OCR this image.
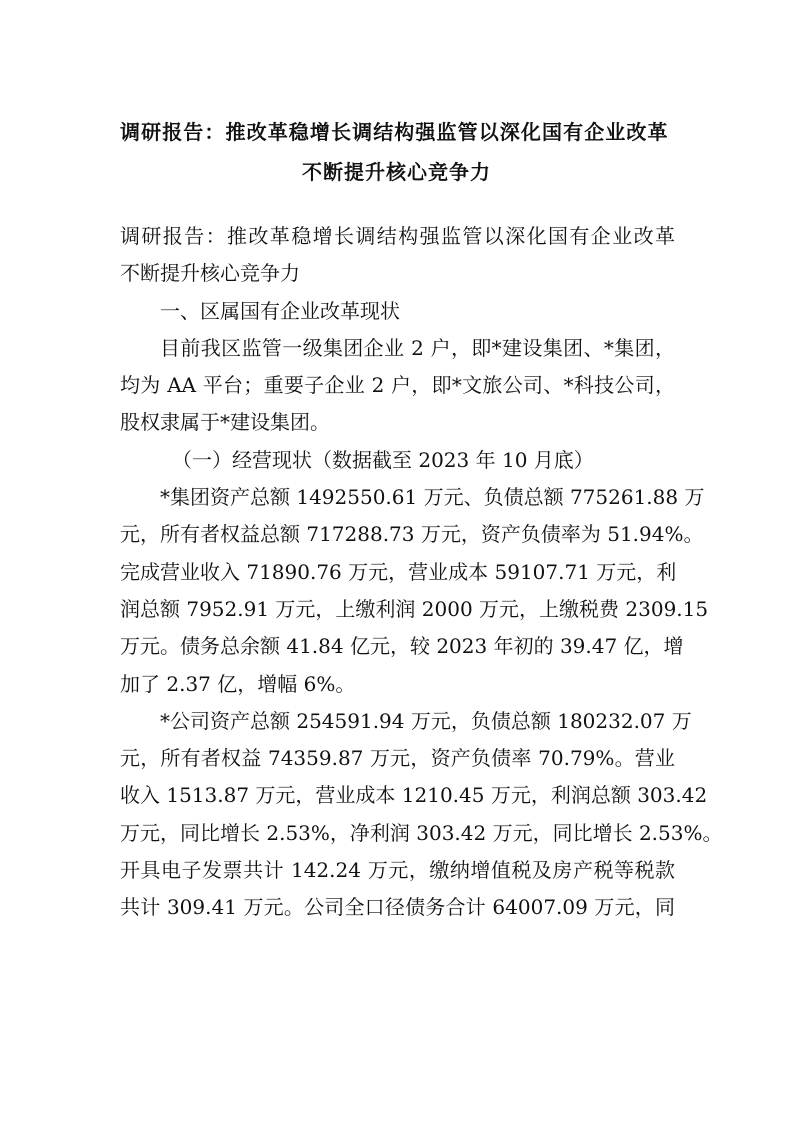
调研报告：推改革稳增长调结构强监管以深化国有企业改革
不断提升核心竞争力
调研报告：推改革稳增长调结构强监管以深化国有企业改革
不断提升核心竞争力
一、区属国有企业改革现状
目前我区监管一级集团企业 2 户，即*建设集团、*集团，
均为 AA 平台；重要子企业 2 户，即*文旅公司、*科技公司，
股权隶属于*建设集团。
（一）经营现状（数据截至 2023 年 10 月底）
*集团资产总额 1492550.61 万元、负债总额 775261.88 万
元，所有者权益总额 717288.73 万元，资产负债率为 51.94%。
完成营业收入 71890.76 万元，营业成本 59107.71 万元，利
润总额 7952.91 万元，上缴利润 2000 万元，上缴税费 2309.15
万元。债务总余额 41.84 亿元，较 2023 年初的 39.47 亿，增
加了 2.37 亿，增幅 6%。
*公司资产总额 254591.94 万元，负债总额 180232.07 万
元，所有者权益 74359.87 万元，资产负债率 70.79%。营业
收入 1513.87 万元，营业成本 1210.45 万元，利润总额 303.42
万元，同比增长 2.53%，净利润 303.42 万元，同比增长 2.53%。
开具电子发票共计 142.24 万元，缴纳增值税及房产税等税款
共计 309.41 万元。公司全口径债务合计 64007.09 万元，同
